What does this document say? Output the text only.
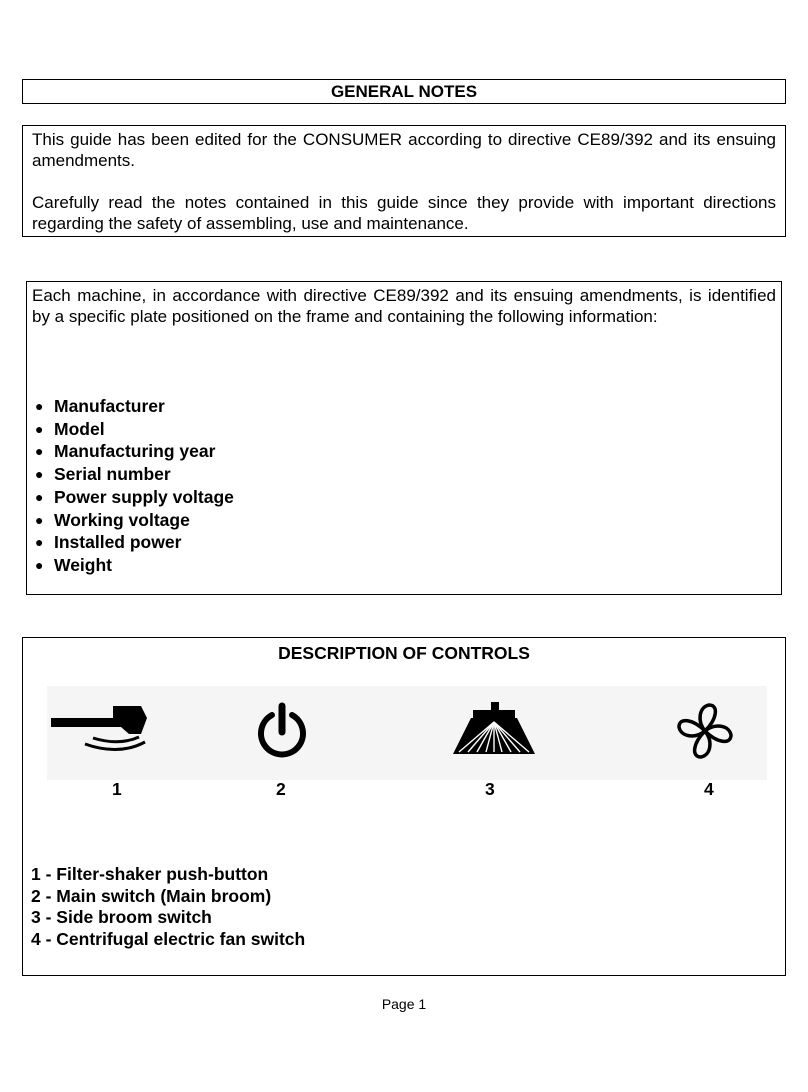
GENERAL NOTES

This guide has been edited for the CONSUMER according to directive CE89/392 and its ensuing amendments.

Carefully read the notes contained in this guide since they provide with important directions regarding the safety of assembling, use and maintenance.

Each machine, in accordance with directive CE89/392 and its ensuing amendments, is identified by a specific plate positioned on the frame and containing the following information:

● Manufacturer
● Model
● Manufacturing year
● Serial number
● Power supply voltage
● Working voltage
● Installed power
● Weight
DESCRIPTION OF CONTROLS
1	2	3	4
1 - Filter-shaker push-button
2 - Main switch (Main broom)
3 - Side broom switch
4 - Centrifugal electric fan switch
Page 1
